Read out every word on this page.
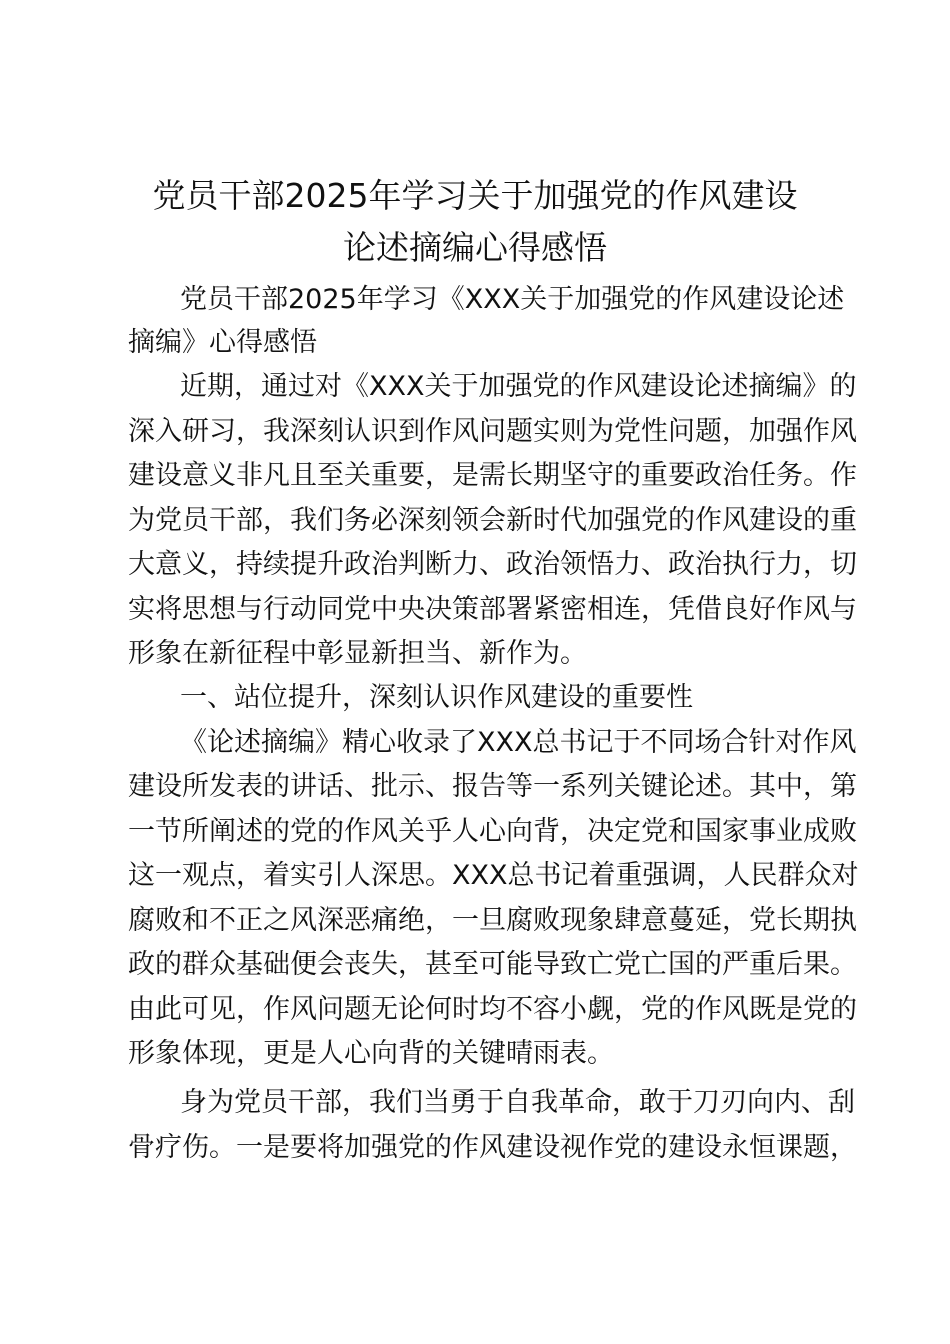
党员干部2025年学习关于加强党的作风建设
论述摘编心得感悟
党员干部2025年学习《XXX关于加强党的作风建设论述
摘编》心得感悟
近期，通过对《XXX关于加强党的作风建设论述摘编》的
深入研习，我深刻认识到作风问题实则为党性问题，加强作风
建设意义非凡且至关重要，是需长期坚守的重要政治任务。作
为党员干部，我们务必深刻领会新时代加强党的作风建设的重
大意义，持续提升政治判断力、政治领悟力、政治执行力，切
实将思想与行动同党中央决策部署紧密相连，凭借良好作风与
形象在新征程中彰显新担当、新作为。
一、站位提升，深刻认识作风建设的重要性
《论述摘编》精心收录了XXX总书记于不同场合针对作风
建设所发表的讲话、批示、报告等一系列关键论述。其中，第
一节所阐述的党的作风关乎人心向背，决定党和国家事业成败
这一观点，着实引人深思。XXX总书记着重强调，人民群众对
腐败和不正之风深恶痛绝，一旦腐败现象肆意蔓延，党长期执
政的群众基础便会丧失，甚至可能导致亡党亡国的严重后果。
由此可见，作风问题无论何时均不容小觑，党的作风既是党的
形象体现，更是人心向背的关键晴雨表。
身为党员干部，我们当勇于自我革命，敢于刀刃向内、刮
骨疗伤。一是要将加强党的作风建设视作党的建设永恒课题，
